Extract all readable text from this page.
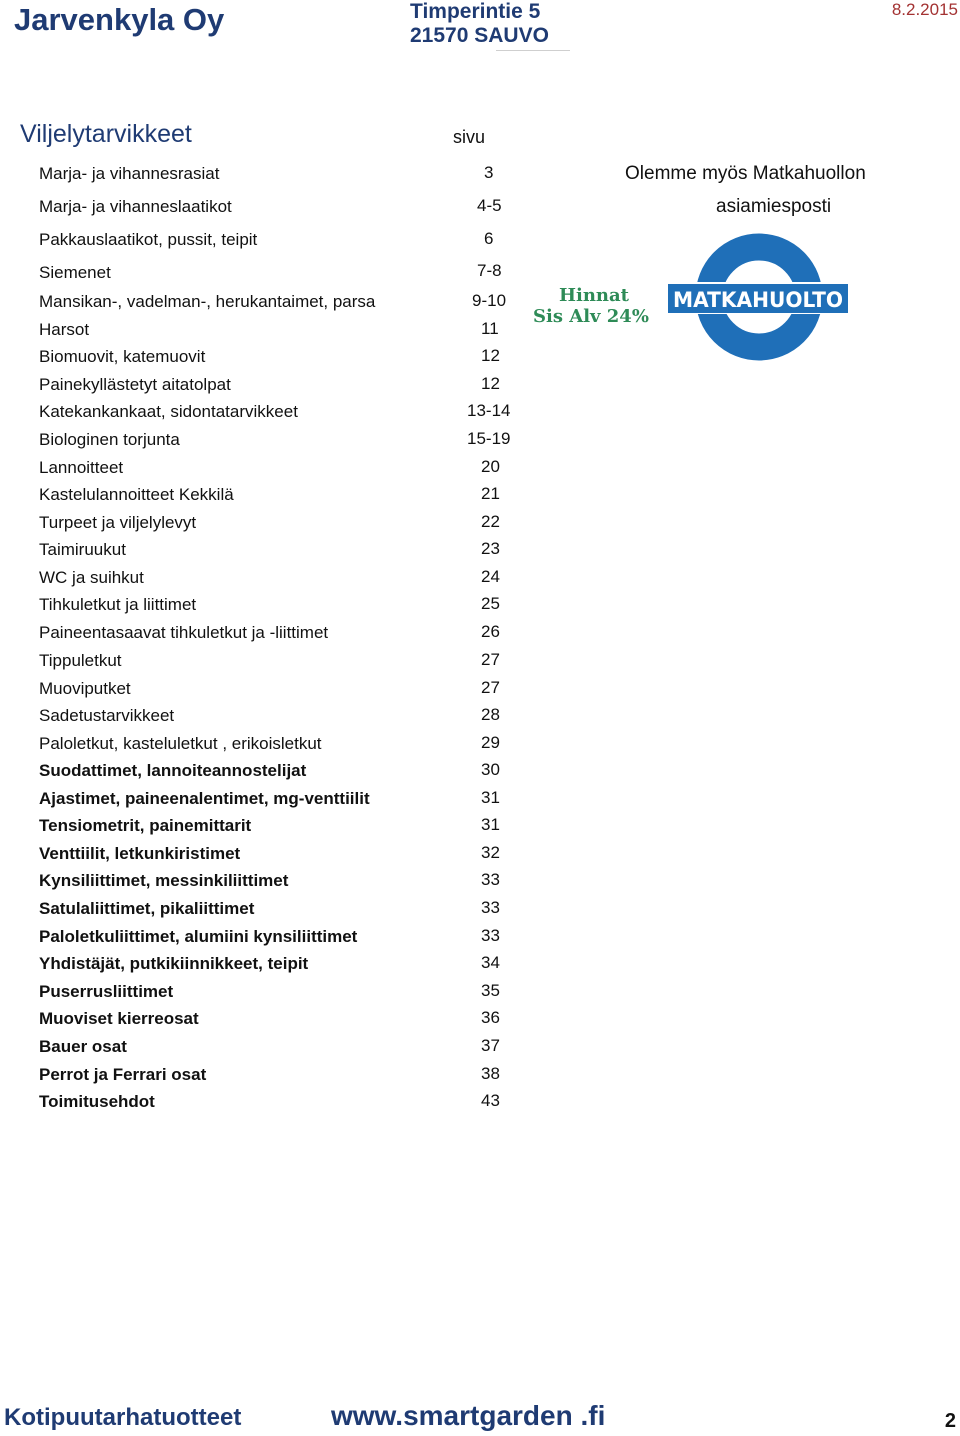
Jarvenkyla Oy	Timperintie 5
21570 SAUVO
8.2.2015
Viljelytarvikkeet	sivu
Marja- ja vihannesrasiat	3
Marja- ja vihanneslaatikot	4-5
Pakkauslaatikot, pussit, teipit	6
Siemenet	7-8
Mansikan-, vadelman-, herukantaimet, parsa	9-10
Harsot	11
Biomuovit, katemuovit	12
Painekyllästetyt aitatolpat	12
Katekankankaat, sidontatarvikkeet	13-14
Biologinen torjunta	15-19
Lannoitteet	20
Kastelulannoitteet Kekkilä	21
Turpeet ja viljelylevyt	22
Taimiruukut	23
WC ja suihkut	24
Tihkuletkut ja liittimet	25
Paineentasaavat tihkuletkut ja -liittimet	26
Tippuletkut	27
Muoviputket	27
Sadetustarvikkeet	28
Paloletkut, kasteluletkut , erikoisletkut	29
Suodattimet, lannoiteannostelijat	30
Ajastimet, paineenalentimet, mg-venttiilit	31
Tensiometrit, painemittarit	31
Venttiilit, letkunkiristimet	32
Kynsiliittimet, messinkiliittimet	33
Satulaliittimet, pikaliittimet	33
Paloletkuliittimet, alumiini kynsiliittimet	33
Yhdistäjät, putkikiinnikkeet, teipit	34
Puserrusliittimet	35
Muoviset kierreosat	36
Bauer osat	37
Perrot ja Ferrari osat	38
Toimitusehdot	43
Olemme myös Matkahuollon
asiamiesposti
Hinnat
Sis Alv 24%
MATKAHUOLTO
Kotipuutarhatuotteet	www.smartgarden .fi	2
